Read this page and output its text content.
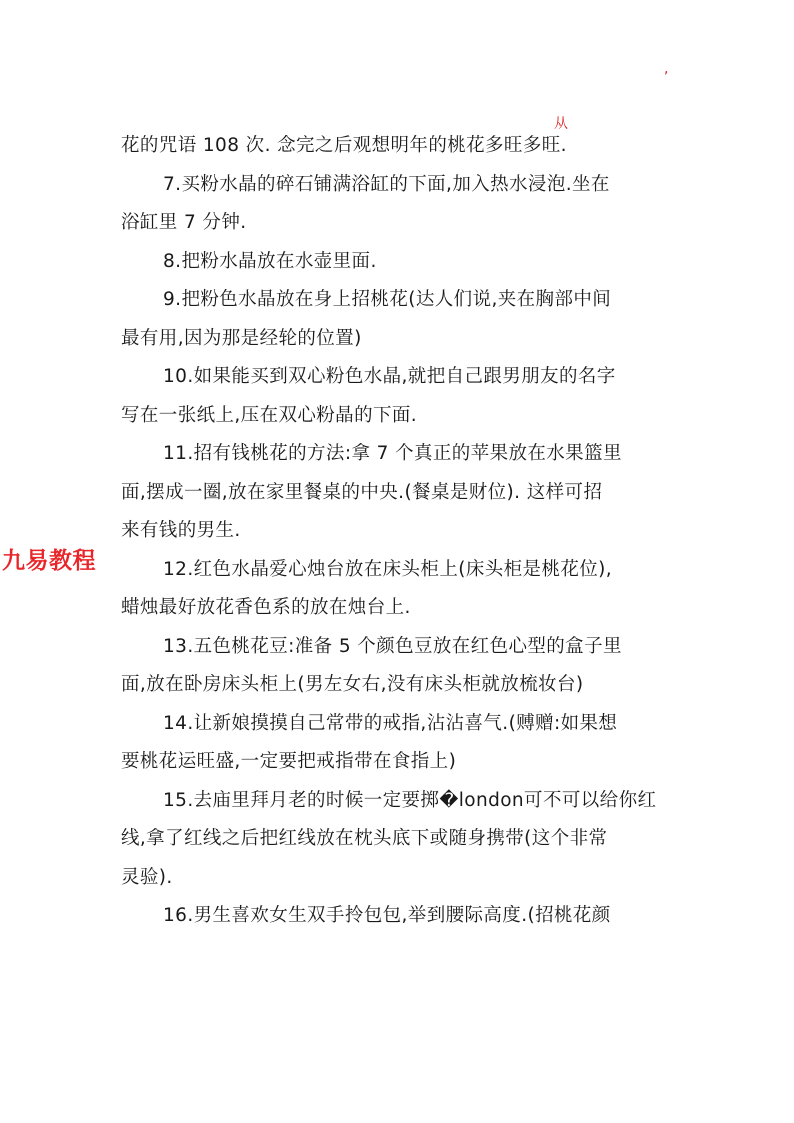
,
从
花的咒语 108 次. 念完之后观想明年的桃花多旺多旺.
7.买粉水晶的碎石铺满浴缸的下面,加入热水浸泡.坐在
浴缸里 7 分钟.
8.把粉水晶放在水壶里面.
9.把粉色水晶放在身上招桃花(达人们说,夹在胸部中间
最有用,因为那是经轮的位置)
10.如果能买到双心粉色水晶,就把自己跟男朋友的名字
写在一张纸上,压在双心粉晶的下面.
11.招有钱桃花的方法:拿 7 个真正的苹果放在水果篮里
面,摆成一圈,放在家里餐桌的中央.(餐桌是财位). 这样可招
来有钱的男生.
12.红色水晶爱心烛台放在床头柜上(床头柜是桃花位),
蜡烛最好放花香色系的放在烛台上.
13.五色桃花豆:准备 5 个颜色豆放在红色心型的盒子里
面,放在卧房床头柜上(男左女右,没有床头柜就放梳妆台)
14.让新娘摸摸自己常带的戒指,沾沾喜气.(赙赠:如果想
要桃花运旺盛,一定要把戒指带在食指上)
15.去庙里拜月老的时候一定要掷�london可不可以给你红
线,拿了红线之后把红线放在枕头底下或随身携带(这个非常
灵验).
16.男生喜欢女生双手拎包包,举到腰际高度.(招桃花颜
九易教程
